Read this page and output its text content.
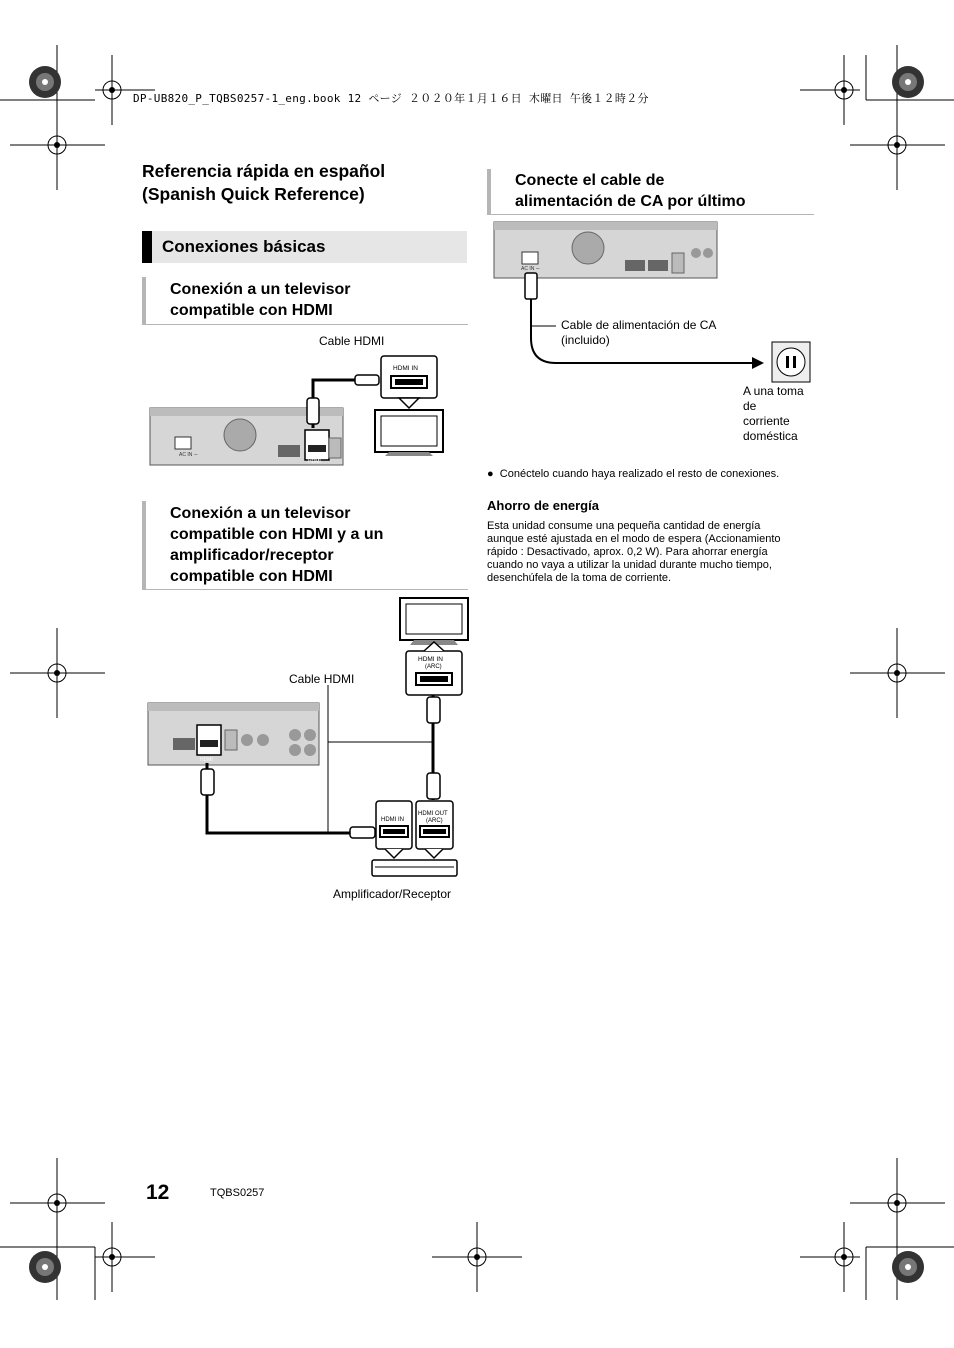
DP-UB820_P_TQBS0257-1_eng.book 12 ページ ２０２０年１月１６日 木曜日 午後１２時２分
Referencia rápida en español
(Spanish Quick Reference)
Conexiones básicas
Conexión a un televisor
compatible con HDMI
Cable HDMI
AC IN ∼
HDMI
HDMI IN
Conexión a un televisor
compatible con HDMI y a un
amplificador/receptor
compatible con HDMI
Cable HDMI
Amplificador/Receptor
HDMI IN
(ARC)
HDMI
HDMI IN
HDMI OUT
(ARC)
Conecte el cable de
alimentación de CA por último
AC IN ∼
Cable de alimentación de CA
(incluido)
A una toma
de
corriente
doméstica
●  Conéctelo cuando haya realizado el resto de conexiones.
Ahorro de energía
Esta unidad consume una pequeña cantidad de energía
aunque esté ajustada en el modo de espera (Accionamiento
rápido : Desactivado, aprox. 0,2 W). Para ahorrar energía
cuando no vaya a utilizar la unidad durante mucho tiempo,
desenchúfela de la toma de corriente.
12	TQBS0257
